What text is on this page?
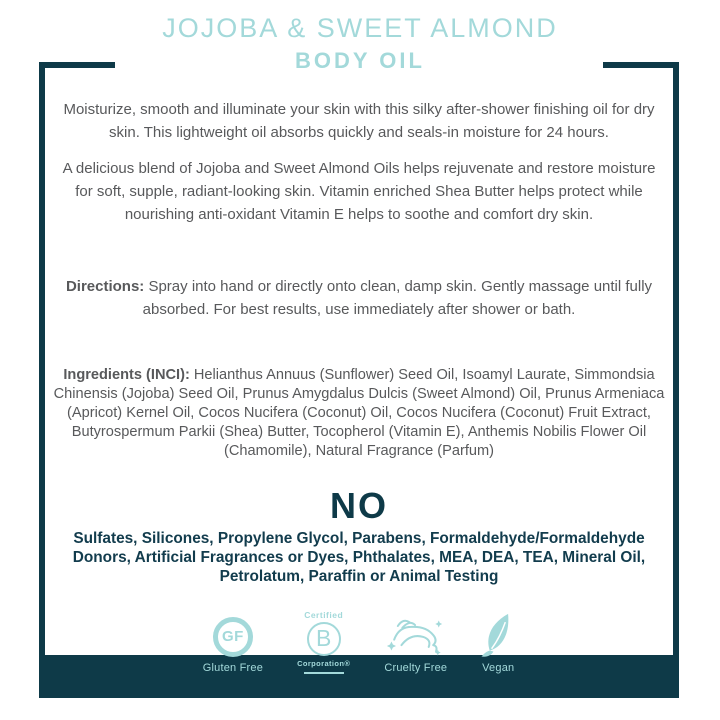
JOJOBA & SWEET ALMOND
BODY OIL

Moisturize, smooth and illuminate your skin with this silky after-shower finishing oil for dry skin. This lightweight oil absorbs quickly and seals-in moisture for 24 hours.

A delicious blend of Jojoba and Sweet Almond Oils helps rejuvenate and restore moisture for soft, supple, radiant-looking skin. Vitamin enriched Shea Butter helps protect while nourishing anti-oxidant Vitamin E helps to soothe and comfort dry skin.

Directions: Spray into hand or directly onto clean, damp skin. Gently massage until fully absorbed. For best results, use immediately after shower or bath.

Ingredients (INCI): Helianthus Annuus (Sunflower) Seed Oil, Isoamyl Laurate, Simmondsia Chinensis (Jojoba) Seed Oil, Prunus Amygdalus Dulcis (Sweet Almond) Oil, Prunus Armeniaca (Apricot) Kernel Oil, Cocos Nucifera (Coconut) Oil, Cocos Nucifera (Coconut) Fruit Extract, Butyrospermum Parkii (Shea) Butter, Tocopherol (Vitamin E), Anthemis Nobilis Flower Oil (Chamomile), Natural Fragrance (Parfum)

NO

Sulfates, Silicones, Propylene Glycol, Parabens, Formaldehyde/Formaldehyde Donors, Artificial Fragrances or Dyes, Phthalates, MEA, DEA, TEA, Mineral Oil, Petrolatum, Paraffin or Animal Testing

GF
Gluten Free
Certified
B
Corporation®	Cruelty Free	Vegan
